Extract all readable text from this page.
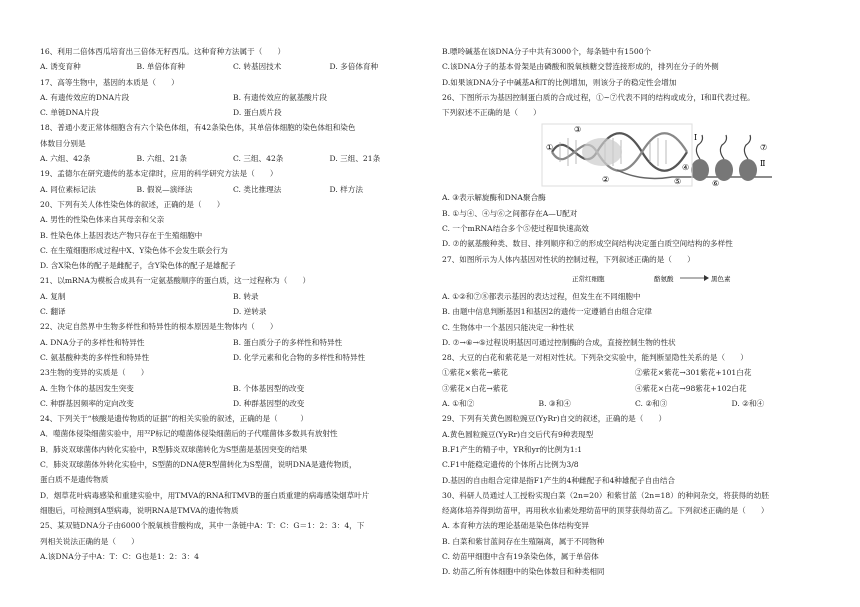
16、利用二倍体西瓜培育出三倍体无籽西瓜。这种育种方法属于（　　）
A. 诱变育种	B. 单倍体育种	C. 转基因技术	D. 多倍体育种
17、高等生物中，基因的本质是（　　）
A. 有遗传效应的DNA片段	B. 有遗传效应的氨基酸片段
C. 单链DNA片段	D. 蛋白质片段
18、普通小麦正常体细胞含有六个染色体组，有42条染色体，其单倍体细胞的染色体组和染色
体数目分别是
A. 六组、42条	B. 六组、21条	C. 三组、42条	D. 三组、21条
19、孟德尔在研究遗传的基本定律时，应用的科学研究方法是（　　）
A. 同位素标记法	B. 假说—演绎法	C. 类比推理法	D. 样方法
20、下列有关人体性染色体的叙述，正确的是（　　）
A. 男性的性染色体来自其母亲和父亲
B. 性染色体上基因表达产物只存在于生殖细胞中
C. 在生殖细胞形成过程中X、Y染色体不会发生联会行为
D. 含X染色体的配子是雌配子，含Y染色体的配子是雄配子
21、以mRNA为模板合成具有一定氨基酸顺序的蛋白质，这一过程称为（　　）
A. 复制	B. 转录
C. 翻译	D. 逆转录
22、决定自然界中生物多样性和特异性的根本原因是生物体内（　　）
A. DNA分子的多样性和特异性	B. 蛋白质分子的多样性和特异性
C. 氨基酸种类的多样性和特异性	D. 化学元素和化合物的多样性和特异性
23生物的变异的实质是（　　）
A. 生物个体的基因发生突变	B. 个体基因型的改变
C. 种群基因频率的定向改变	D. 种群基因型的改变
24、下列关于“核酸是遗传物质的证据”的相关实验的叙述，正确的是（　　　）
A．噬菌体侵染细菌实验中，用³²P标记的噬菌体侵染细菌后的子代噬菌体多数具有放射性
B．肺炎双球菌体内转化实验中，R型肺炎双球菌转化为S型菌是基因突变的结果
C．肺炎双球菌体外转化实验中，S型菌的DNA使R型菌转化为S型菌，说明DNA是遗传物质，
蛋白质不是遗传物质
D．烟草花叶病毒感染和重建实验中，用TMVA的RNA和TMVB的蛋白质重建的病毒感染烟草叶片
细胞后，可检测到A型病毒，说明RNA是TMVA的遗传物质
25、某双链DNA分子由6000个脱氧核苷酸构成，其中一条链中A：T：C：G＝1：2：3：4，下
列相关说法正确的是（　　）
A.该DNA分子中A：T：C：G也是1：2：3：4
B.嘌呤碱基在该DNA分子中共有3000个，每条链中有1500个
C.该DNA分子的基本骨架是由磷酸和脱氧核糖交替连接形成的，排列在分子的外侧
D.如果该DNA分子中碱基A和T的比例增加，则该分子的稳定性会增加
26、下图所示为基因控制蛋白质的合成过程，①~⑦代表不同的结构或成分，Ⅰ和Ⅱ代表过程。
下列叙述不正确的是（　　）
③
①
②
Ⅰ
④
⑤	⑥
⑦
Ⅱ
A. ③表示解旋酶和DNA聚合酶
B. ①与④、④与⑥之间都存在A—U配对
C. 一个mRNA结合多个⑤使过程Ⅱ快速高效
D. ⑦的氨基酸种类、数目、排列顺序和⑦的形成空间结构决定蛋白质空间结构的多样性
27、如图所示为人体内基因对性状的控制过程，下列叙述正确的是（　　）
正常红细胞	酪氨酸	黑色素
A. ①②和⑦⑧都表示基因的表达过程，但发生在不同细胞中
B. 由题中信息判断基因1和基因2的遗传一定遵循自由组合定律
C. 生物体中一个基因只能决定一种性状
D. ⑦→⑥→⑤过程说明基因可通过控制酶的合成，直接控制生物的性状
28、大豆的白花和紫花是一对相对性状。下列杂交实验中，能判断显隐性关系的是（　　）
①紫花×紫花→紫花	②紫花×紫花→301紫花+101白花
③紫花×白花→紫花	④紫花×白花→98紫花+102白花
A. ①和②	B. ③和④	C. ②和③	D. ②和④
29、下列有关黄色圆粒豌豆(YyRr)自交的叙述，正确的是（　　）
A.黄色圆粒豌豆(YyRr)自交后代有9种表现型
B.F1产生的精子中，YR和yr的比例为1:1
C.F1中能稳定遗传的个体所占比例为3/8
D.基因的自由组合定律是指F1产生的4种雌配子和4种雄配子自由结合
30、科研人员通过人工授粉实现白菜（2n=20）和紫甘蓝（2n=18）的种间杂交，将获得的幼胚
经离体培养得到幼苗甲，再用秋水仙素处理幼苗甲的顶芽获得幼苗乙。下列叙述正确的是（　　）
A. 本育种方法的理论基础是染色体结构变异
B. 白菜和紫甘蓝间存在生殖隔离，属于不同物种
C. 幼苗甲细胞中含有19条染色体，属于单倍体
D. 幼苗乙所有体细胞中的染色体数目和种类相同
